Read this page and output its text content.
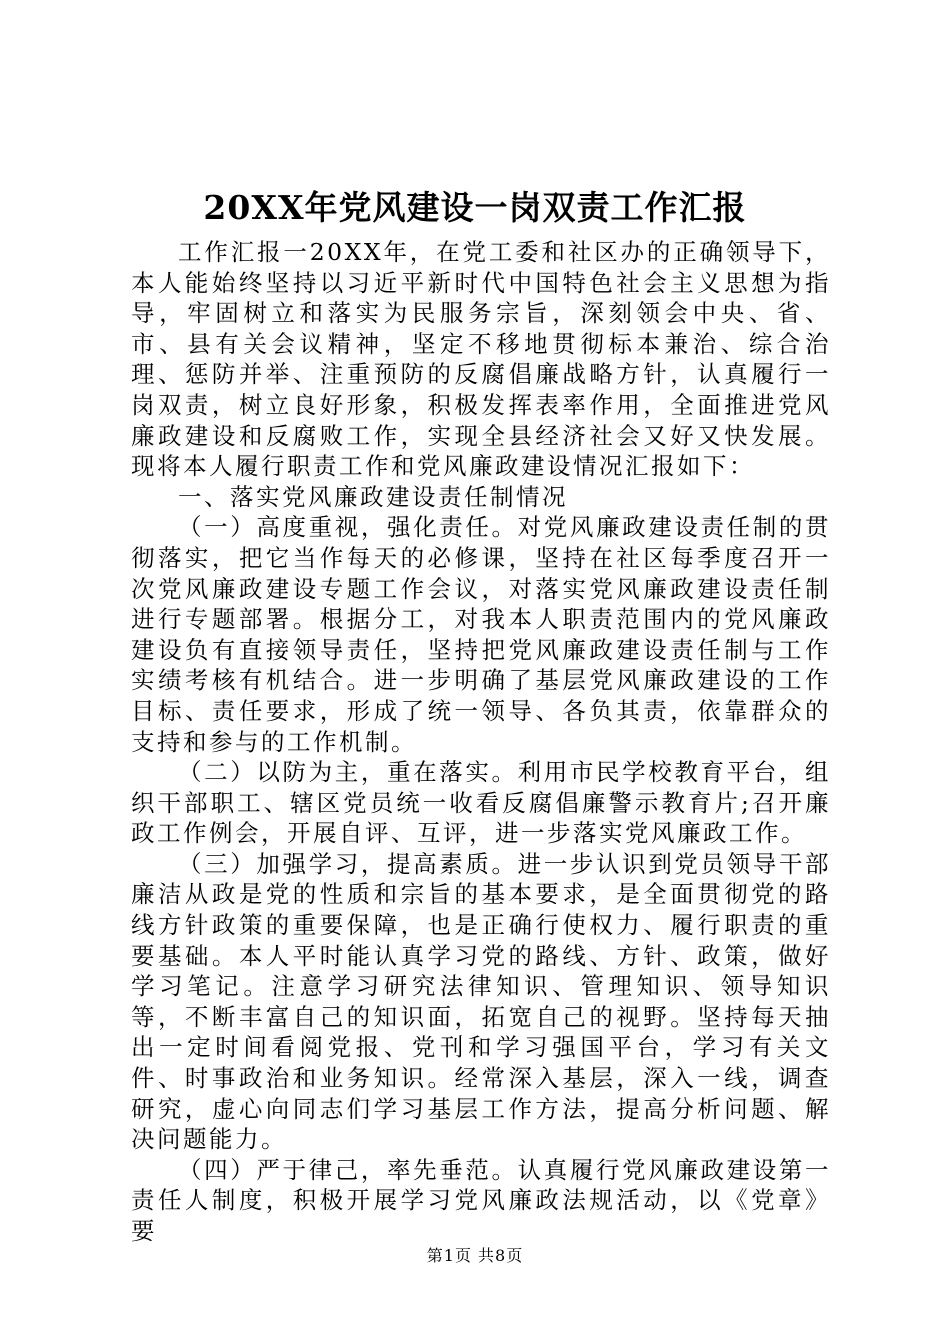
20XX年党风建设一岗双责工作汇报

工作汇报一20XX年，在党工委和社区办的正确领导下，本人能始终坚持以习近平新时代中国特色社会主义思想为指导，牢固树立和落实为民服务宗旨，深刻领会中央、省、市、县有关会议精神，坚定不移地贯彻标本兼治、综合治理、惩防并举、注重预防的反腐倡廉战略方针，认真履行一岗双责，树立良好形象，积极发挥表率作用，全面推进党风廉政建设和反腐败工作，实现全县经济社会又好又快发展。现将本人履行职责工作和党风廉政建设情况汇报如下：

一、落实党风廉政建设责任制情况

（一）高度重视，强化责任。对党风廉政建设责任制的贯彻落实，把它当作每天的必修课，坚持在社区每季度召开一次党风廉政建设专题工作会议，对落实党风廉政建设责任制进行专题部署。根据分工，对我本人职责范围内的党风廉政建设负有直接领导责任，坚持把党风廉政建设责任制与工作实绩考核有机结合。进一步明确了基层党风廉政建设的工作目标、责任要求，形成了统一领导、各负其责，依靠群众的支持和参与的工作机制。

（二）以防为主，重在落实。利用市民学校教育平台，组织干部职工、辖区党员统一收看反腐倡廉警示教育片;召开廉政工作例会，开展自评、互评，进一步落实党风廉政工作。

（三）加强学习，提高素质。进一步认识到党员领导干部廉洁从政是党的性质和宗旨的基本要求，是全面贯彻党的路线方针政策的重要保障，也是正确行使权力、履行职责的重要基础。本人平时能认真学习党的路线、方针、政策，做好学习笔记。注意学习研究法律知识、管理知识、领导知识等，不断丰富自己的知识面，拓宽自己的视野。坚持每天抽出一定时间看阅党报、党刊和学习强国平台，学习有关文件、时事政治和业务知识。经常深入基层，深入一线，调查研究，虚心向同志们学习基层工作方法，提高分析问题、解决问题能力。

（四）严于律己，率先垂范。认真履行党风廉政建设第一责任人制度，积极开展学习党风廉政法规活动，以《党章》要

第1页 共8页
